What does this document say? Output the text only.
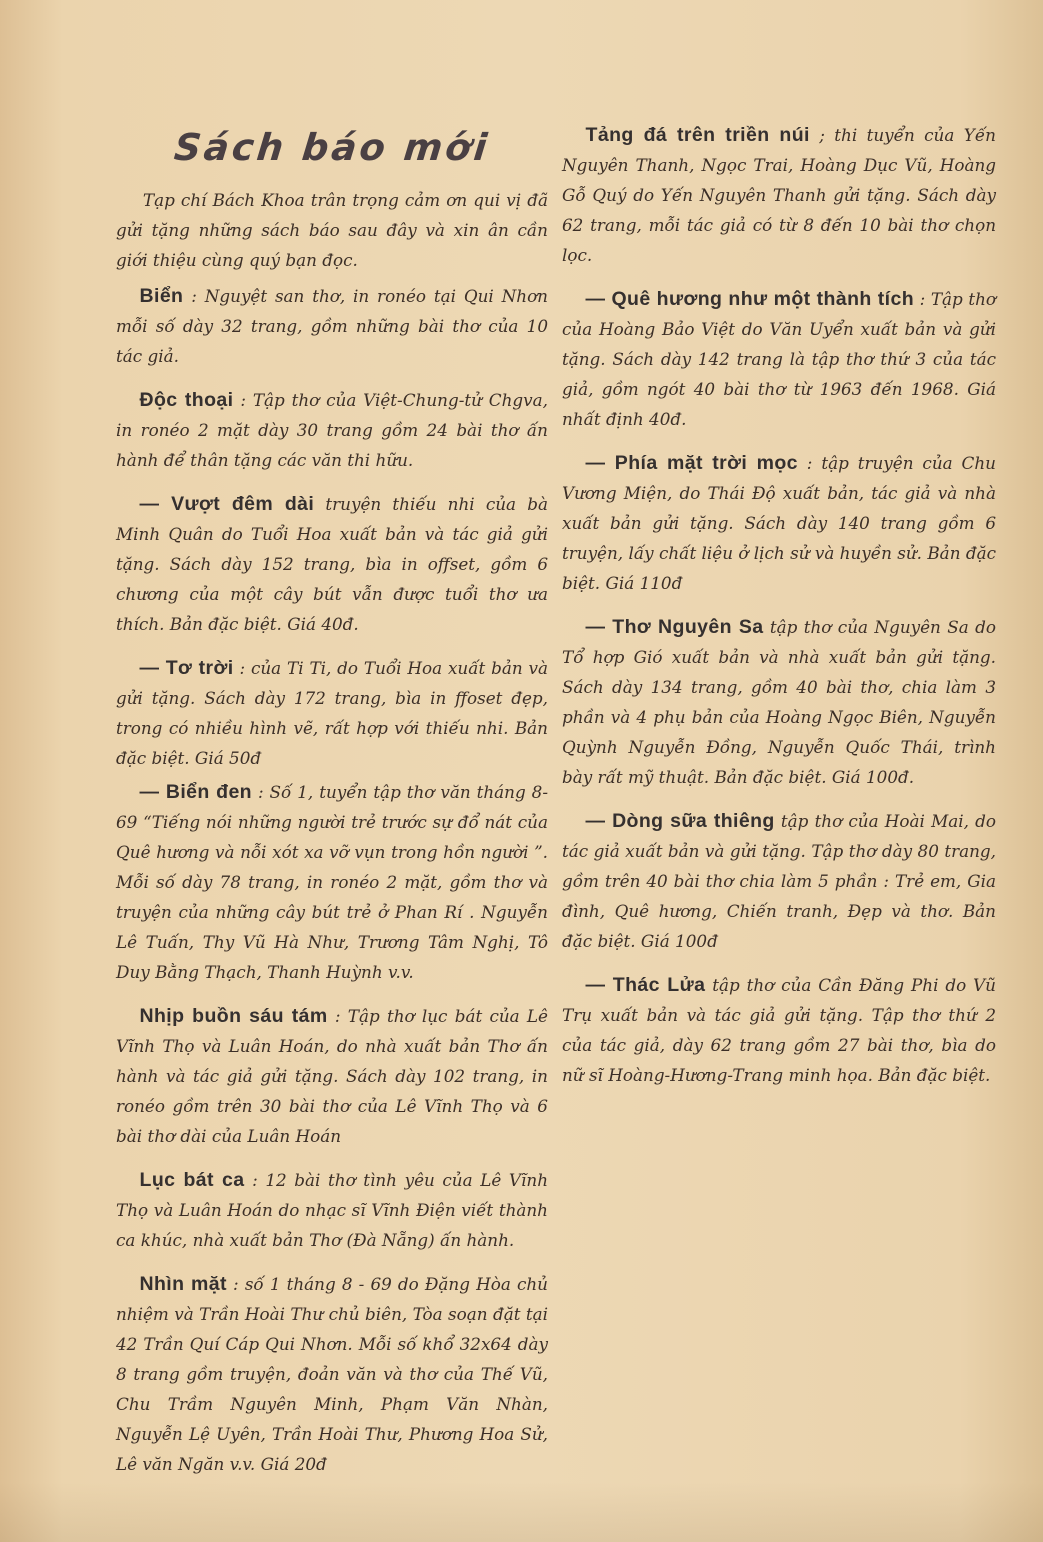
Sách báo mới

Tạp chí Bách Khoa trân trọng cảm ơn qui vị đã gửi tặng những sách báo sau đây và xin ân cần giới thiệu cùng quý bạn đọc.

Biển : Nguyệt san thơ, in ronéo tại Qui Nhơn mỗi số dày 32 trang, gồm những bài thơ của 10 tác giả.

Độc thoại : Tập thơ của Việt-Chung-tử Chgva, in ronéo 2 mặt dày 30 trang gồm 24 bài thơ ấn hành để thân tặng các văn thi hữu.

— Vượt đêm dài truyện thiếu nhi của bà Minh Quân do Tuổi Hoa xuất bản và tác giả gửi tặng. Sách dày 152 trang, bìa in offset, gồm 6 chương của một cây bút vẫn được tuổi thơ ưa thích. Bản đặc biệt. Giá 40đ.

— Tơ trời : của Ti Ti, do Tuổi Hoa xuất bản và gửi tặng. Sách dày 172 trang, bìa in ffoset đẹp, trong có nhiều hình vẽ, rất hợp với thiếu nhi. Bản đặc biệt. Giá 50đ

— Biển đen : Số 1, tuyển tập thơ văn tháng 8-69 “Tiếng nói những người trẻ trước sự đổ nát của Quê hương và nỗi xót xa vỡ vụn trong hồn người ”. Mỗi số dày 78 trang, in ronéo 2 mặt, gồm thơ và truyện của những cây bút trẻ ở Phan Rí . Nguyễn Lê Tuấn, Thy Vũ Hà Như, Trương Tâm Nghị, Tô Duy Bằng Thạch, Thanh Huỳnh v.v.

Nhịp buồn sáu tám : Tập thơ lục bát của Lê Vĩnh Thọ và Luân Hoán, do nhà xuất bản Thơ ấn hành và tác giả gửi tặng. Sách dày 102 trang, in ronéo gồm trên 30 bài thơ của Lê Vĩnh Thọ và 6 bài thơ dài của Luân Hoán

Lục bát ca : 12 bài thơ tình yêu của Lê Vĩnh Thọ và Luân Hoán do nhạc sĩ Vĩnh Điện viết thành ca khúc, nhà xuất bản Thơ (Đà Nẵng) ấn hành.

Nhìn mặt : số 1 tháng 8 - 69 do Đặng Hòa chủ nhiệm và Trần Hoài Thư chủ biên, Tòa soạn đặt tại 42 Trần Quí Cáp Qui Nhơn. Mỗi số khổ 32x64 dày 8 trang gồm truyện, đoản văn và thơ của Thế Vũ, Chu Trầm Nguyên Minh, Phạm Văn Nhàn, Nguyễn Lệ Uyên, Trần Hoài Thư, Phương Hoa Sử, Lê văn Ngăn v.v. Giá 20đ

Tảng đá trên triền núi ; thi tuyển của Yến Nguyên Thanh, Ngọc Trai, Hoàng Dục Vũ, Hoàng Gỗ Quý do Yến Nguyên Thanh gửi tặng. Sách dày 62 trang, mỗi tác giả có từ 8 đến 10 bài thơ chọn lọc.

— Quê hương như một thành tích : Tập thơ của Hoàng Bảo Việt do Văn Uyển xuất bản và gửi tặng. Sách dày 142 trang là tập thơ thứ 3 của tác giả, gồm ngót 40 bài thơ từ 1963 đến 1968. Giá nhất định 40đ.

— Phía mặt trời mọc : tập truyện của Chu Vương Miện, do Thái Độ xuất bản, tác giả và nhà xuất bản gửi tặng. Sách dày 140 trang gồm 6 truyện, lấy chất liệu ở lịch sử và huyền sử. Bản đặc biệt. Giá 110đ

— Thơ Nguyên Sa tập thơ của Nguyên Sa do Tổ hợp Gió xuất bản và nhà xuất bản gửi tặng. Sách dày 134 trang, gồm 40 bài thơ, chia làm 3 phần và 4 phụ bản của Hoàng Ngọc Biên, Nguyễn Quỳnh Nguyễn Đồng, Nguyễn Quốc Thái, trình bày rất mỹ thuật. Bản đặc biệt. Giá 100đ.

— Dòng sữa thiêng tập thơ của Hoài Mai, do tác giả xuất bản và gửi tặng. Tập thơ dày 80 trang, gồm trên 40 bài thơ chia làm 5 phần : Trẻ em, Gia đình, Quê hương, Chiến tranh, Đẹp và thơ. Bản đặc biệt. Giá 100đ

— Thác Lửa tập thơ của Cần Đăng Phi do Vũ Trụ xuất bản và tác giả gửi tặng. Tập thơ thứ 2 của tác giả, dày 62 trang gồm 27 bài thơ, bìa do nữ sĩ Hoàng-Hương-Trang minh họa. Bản đặc biệt.
